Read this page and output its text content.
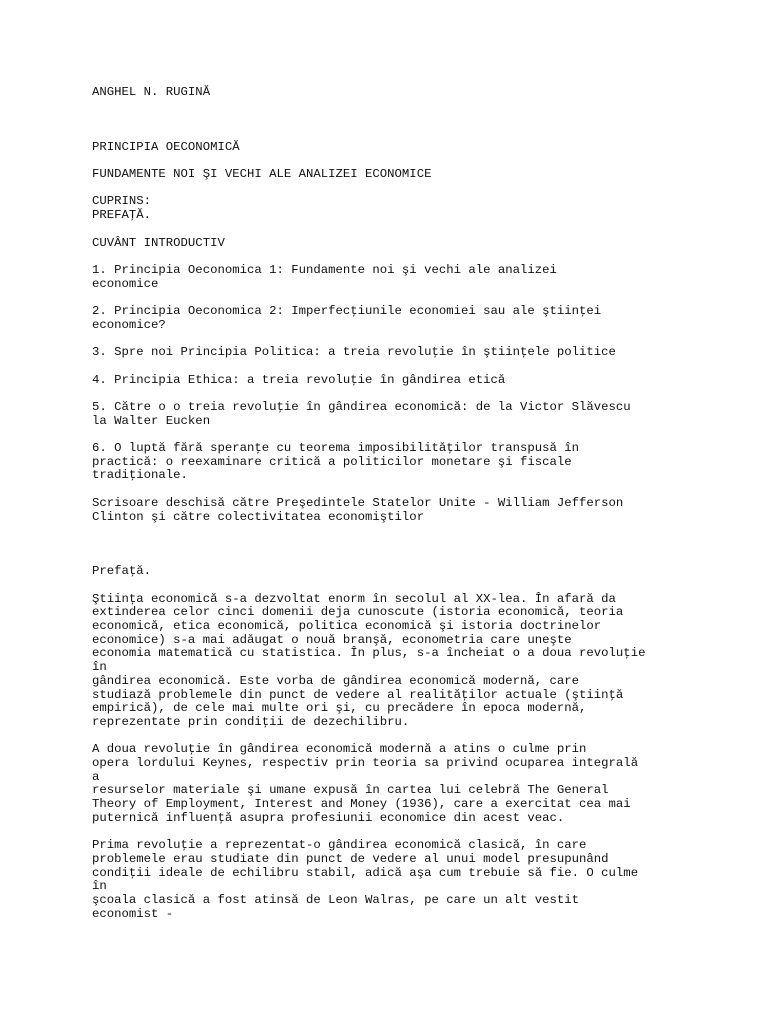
ANGHEL N. RUGINĂ
PRINCIPIA OECONOMICĂ
FUNDAMENTE NOI ŞI VECHI ALE ANALIZEI ECONOMICE
CUPRINS:
PREFAŢĂ.
CUVÂNT INTRODUCTIV
1. Principia Oeconomica 1: Fundamente noi şi vechi ale analizei
economice
2. Principia Oeconomica 2: Imperfecţiunile economiei sau ale ştiinţei
economice?
3. Spre noi Principia Politica: a treia revoluţie în ştiinţele politice
4. Principia Ethica: a treia revoluţie în gândirea etică
5. Către o o treia revoluţie în gândirea economică: de la Victor Slăvescu
la Walter Eucken
6. O luptă fără speranţe cu teorema imposibilităţilor transpusă în
practică: o reexaminare critică a politicilor monetare şi fiscale
tradiţionale.
Scrisoare deschisă către Preşedintele Statelor Unite - William Jefferson
Clinton şi către colectivitatea economiştilor
Prefaţă.
Ştiinţa economică s-a dezvoltat enorm în secolul al XX-lea. În afară da
extinderea celor cinci domenii deja cunoscute (istoria economică, teoria
economică, etica economică, politica economică şi istoria doctrinelor
economice) s-a mai adăugat o nouă branşă, econometria care uneşte
economia matematică cu statistica. În plus, s-a încheiat o a doua revoluţie
în
gândirea economică. Este vorba de gândirea economică modernă, care
studiază problemele din punct de vedere al realităţilor actuale (ştiinţă
empirică), de cele mai multe ori şi, cu precădere în epoca modernă,
reprezentate prin condiţii de dezechilibru.
A doua revoluţie în gândirea economică modernă a atins o culme prin
opera lordului Keynes, respectiv prin teoria sa privind ocuparea integrală
a
resurselor materiale şi umane expusă în cartea lui celebră The General
Theory of Employment, Interest and Money (1936), care a exercitat cea mai
puternică influenţă asupra profesiunii economice din acest veac.
Prima revoluţie a reprezentat-o gândirea economică clasică, în care
problemele erau studiate din punct de vedere al unui model presupunând
condiţii ideale de echilibru stabil, adică aşa cum trebuie să fie. O culme
în
şcoala clasică a fost atinsă de Leon Walras, pe care un alt vestit
economist -
